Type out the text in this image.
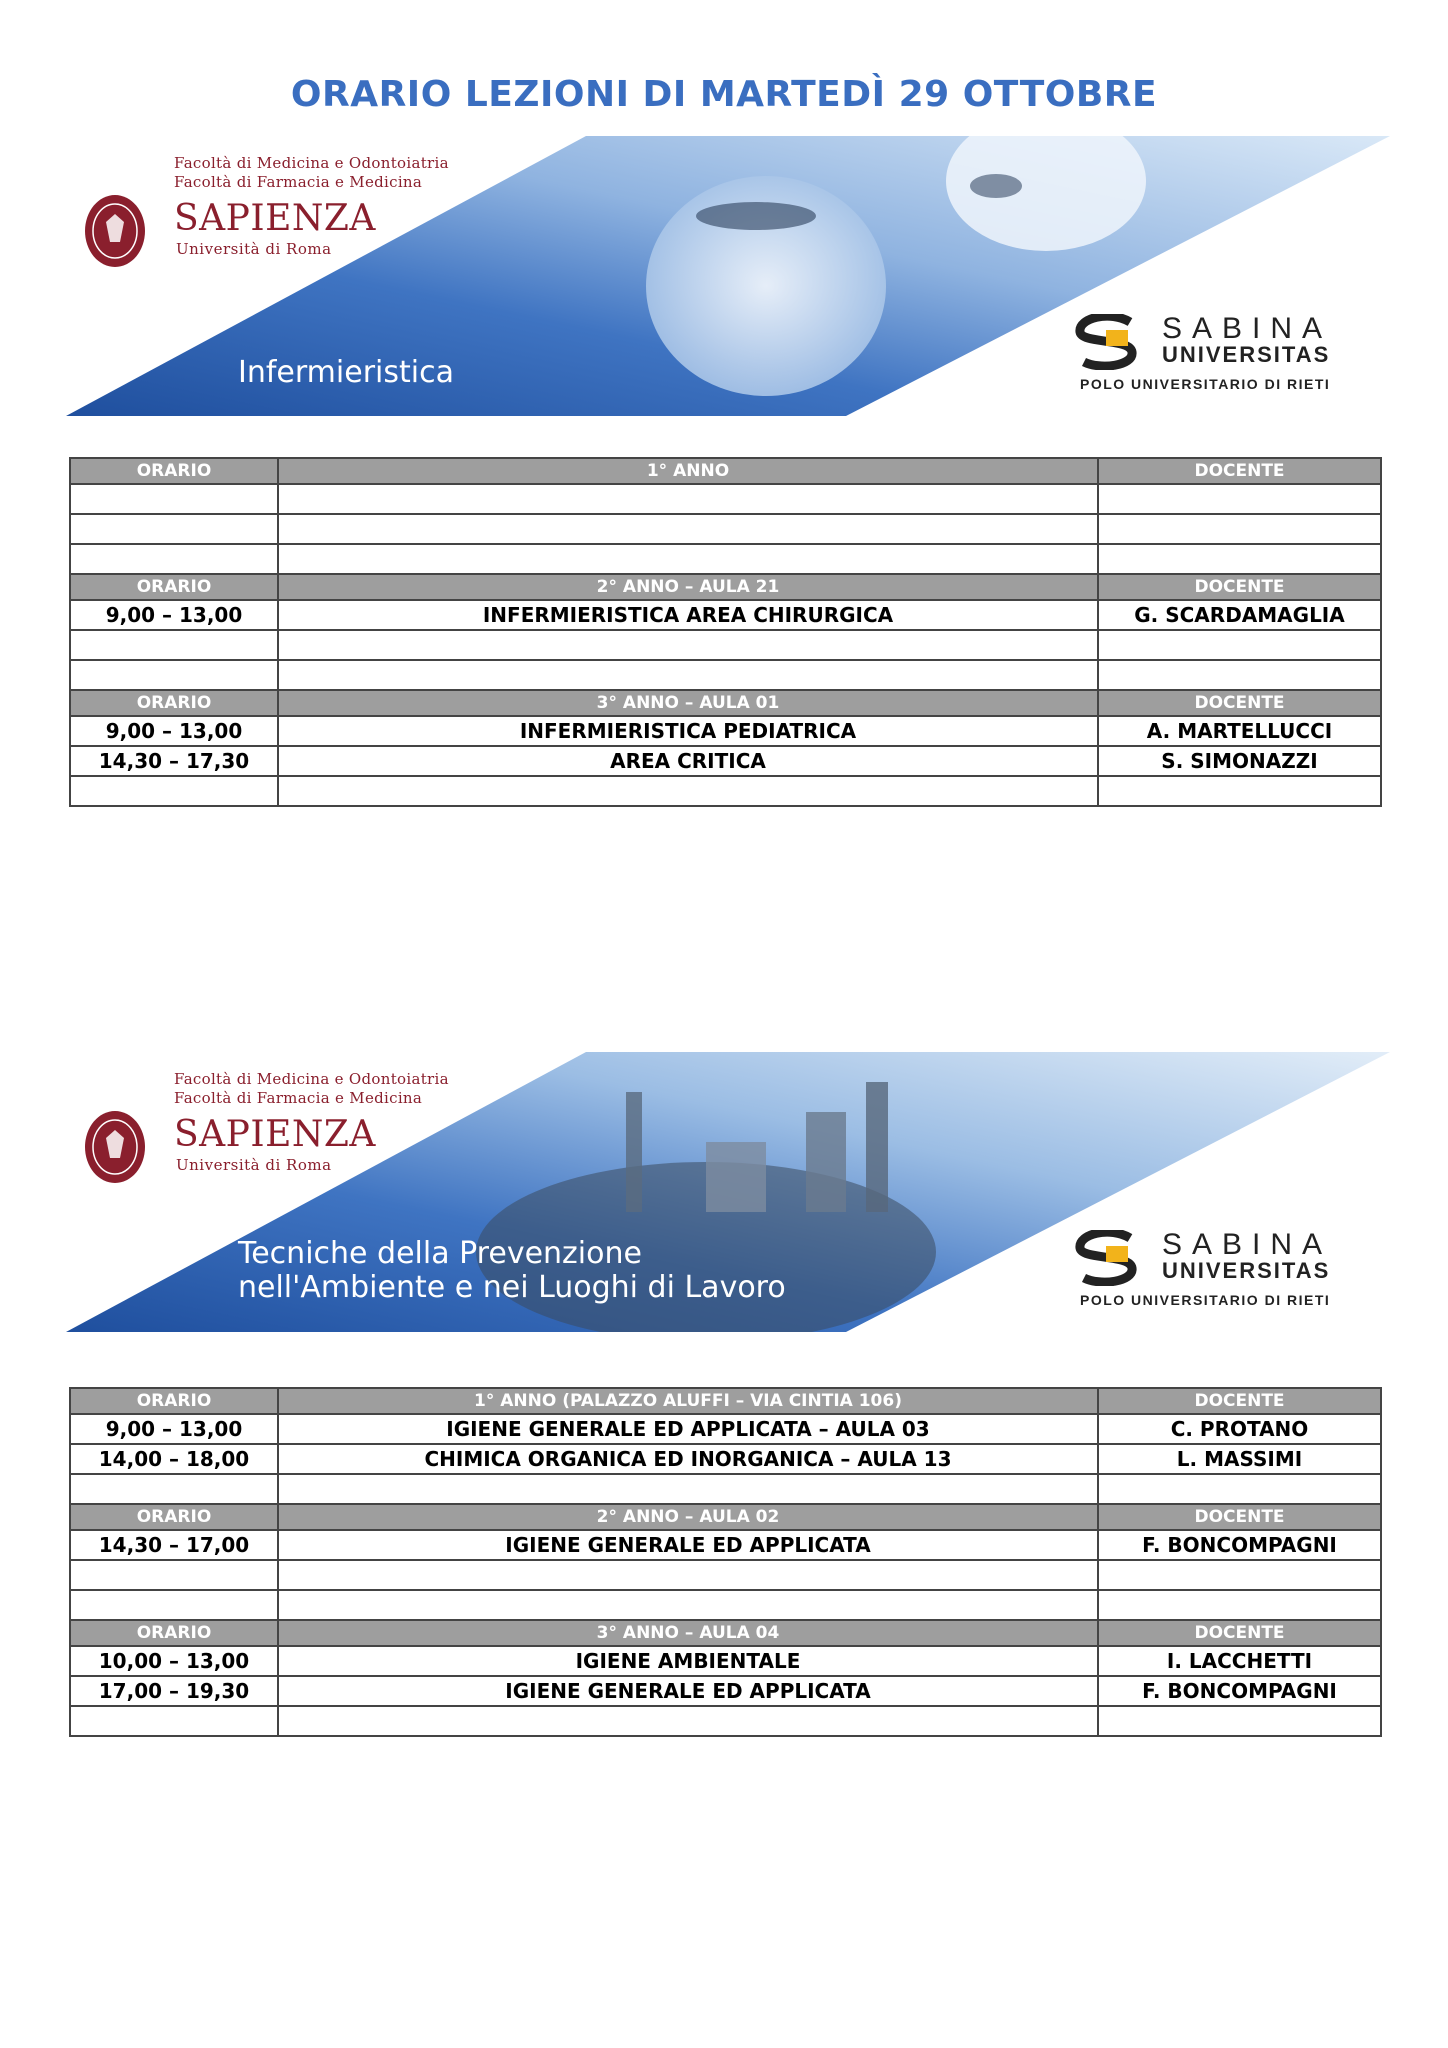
ORARIO LEZIONI DI MARTEDÌ 29 OTTOBRE
Facoltà di Medicina e Odontoiatria
Facoltà di Farmacia e Medicina
SAPIENZA
Università di Roma
Infermieristica
SABINA
UNIVERSITAS
POLO UNIVERSITARIO DI RIETI
ORARIO	1° ANNO	DOCENTE

ORARIO	2° ANNO – AULA 21	DOCENTE
9,00 – 13,00	INFERMIERISTICA AREA CHIRURGICA	G. SCARDAMAGLIA

ORARIO	3° ANNO – AULA 01	DOCENTE
9,00 – 13,00	INFERMIERISTICA PEDIATRICA	A. MARTELLUCCI
14,30 – 17,30	AREA CRITICA	S. SIMONAZZI

Facoltà di Medicina e Odontoiatria
Facoltà di Farmacia e Medicina
SAPIENZA
Università di Roma
Tecniche della Prevenzione
nell'Ambiente e nei Luoghi di Lavoro
SABINA
UNIVERSITAS
POLO UNIVERSITARIO DI RIETI
ORARIO	1° ANNO (PALAZZO ALUFFI – VIA CINTIA 106)	DOCENTE
9,00 – 13,00	IGIENE GENERALE ED APPLICATA – AULA 03	C. PROTANO
14,00 – 18,00	CHIMICA ORGANICA ED INORGANICA – AULA 13	L. MASSIMI

ORARIO	2° ANNO – AULA 02	DOCENTE
14,30 – 17,00	IGIENE GENERALE ED APPLICATA	F. BONCOMPAGNI

ORARIO	3° ANNO – AULA 04	DOCENTE
10,00 – 13,00	IGIENE AMBIENTALE	I. LACCHETTI
17,00 – 19,30	IGIENE GENERALE ED APPLICATA	F. BONCOMPAGNI
